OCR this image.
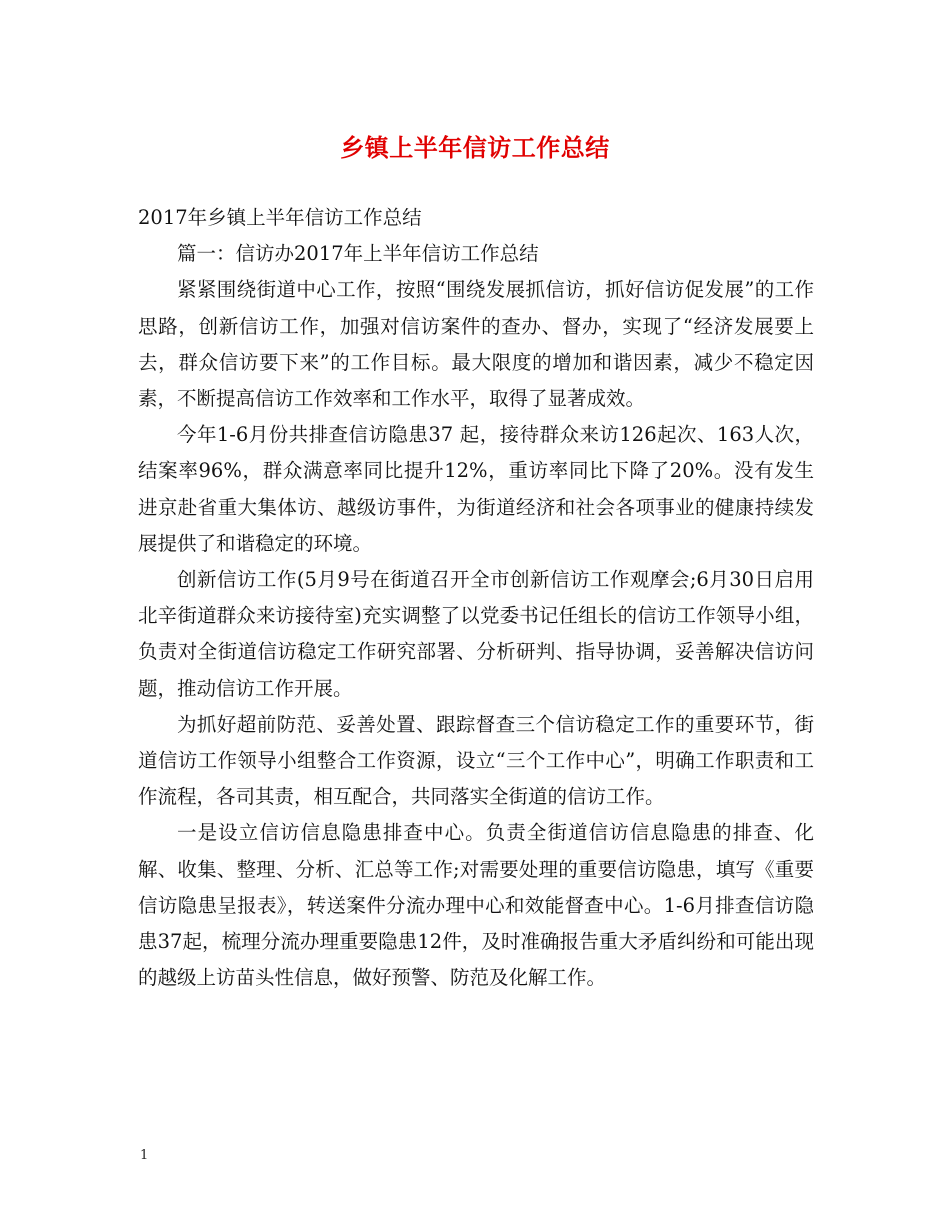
乡镇上半年信访工作总结

2017年乡镇上半年信访工作总结

篇一：信访办2017年上半年信访工作总结

紧紧围绕街道中心工作，按照“围绕发展抓信访，抓好信访促发展”的工作思路，创新信访工作，加强对信访案件的查办、督办，实现了“经济发展要上去，群众信访要下来”的工作目标。最大限度的增加和谐因素，减少不稳定因素，不断提高信访工作效率和工作水平，取得了显著成效。

今年1-6月份共排查信访隐患37 起，接待群众来访126起次、163人次，结案率96%，群众满意率同比提升12%，重访率同比下降了20%。没有发生进京赴省重大集体访、越级访事件，为街道经济和社会各项事业的健康持续发展提供了和谐稳定的环境。

创新信访工作(5月9号在街道召开全市创新信访工作观摩会;6月30日启用北辛街道群众来访接待室)充实调整了以党委书记任组长的信访工作领导小组，负责对全街道信访稳定工作研究部署、分析研判、指导协调，妥善解决信访问题，推动信访工作开展。

为抓好超前防范、妥善处置、跟踪督查三个信访稳定工作的重要环节，街道信访工作领导小组整合工作资源，设立“三个工作中心”，明确工作职责和工作流程，各司其责，相互配合，共同落实全街道的信访工作。

一是设立信访信息隐患排查中心。负责全街道信访信息隐患的排查、化解、收集、整理、分析、汇总等工作;对需要处理的重要信访隐患，填写《重要信访隐患呈报表》，转送案件分流办理中心和效能督查中心。1-6月排查信访隐患37起，梳理分流办理重要隐患12件，及时准确报告重大矛盾纠纷和可能出现的越级上访苗头性信息，做好预警、防范及化解工作。

1
